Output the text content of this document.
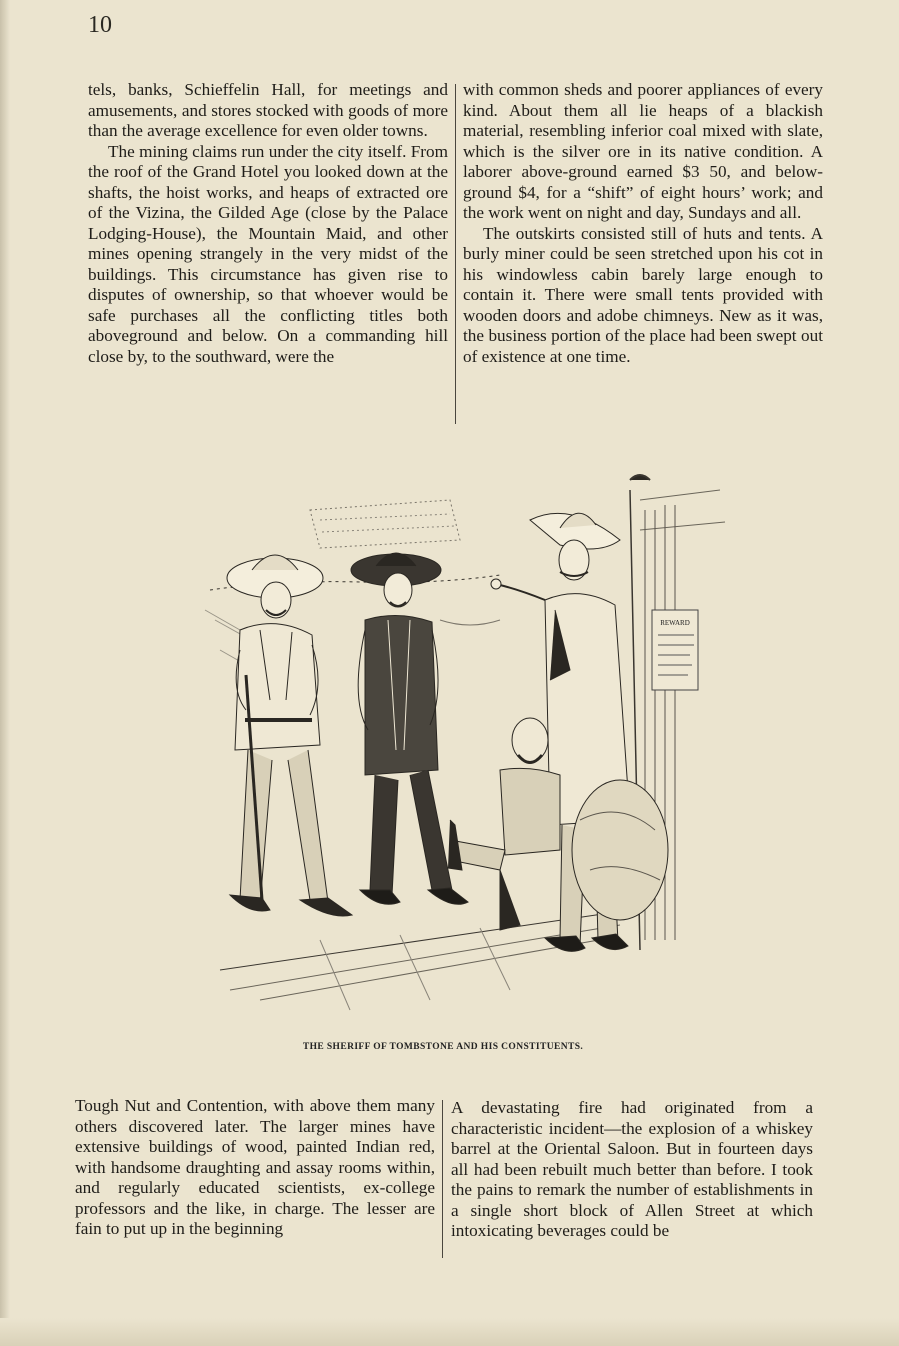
10

tels, banks, Schieffelin Hall, for meetings and amusements, and stores stocked with goods of more than the average excellence for even older towns.

The mining claims run under the city itself. From the roof of the Grand Hotel you looked down at the shafts, the hoist works, and heaps of extracted ore of the Vizina, the Gilded Age (close by the Palace Lodging-House), the Mountain Maid, and other mines opening strangely in the very midst of the buildings. This circumstance has given rise to disputes of ownership, so that whoever would be safe purchases all the conflicting titles both aboveground and below. On a commanding hill close by, to the southward, were the

with common sheds and poorer appliances of every kind. About them all lie heaps of a blackish material, resembling inferior coal mixed with slate, which is the silver ore in its native condition. A laborer above-ground earned $3 50, and below-ground $4, for a “shift” of eight hours’ work; and the work went on night and day, Sundays and all.

The outskirts consisted still of huts and tents. A burly miner could be seen stretched upon his cot in his windowless cabin barely large enough to contain it. There were small tents provided with wooden doors and adobe chimneys. New as it was, the business portion of the place had been swept out of existence at one time.

REWARD
THE SHERIFF OF TOMBSTONE AND HIS CONSTITUENTS.

Tough Nut and Contention, with above them many others discovered later. The larger mines have extensive buildings of wood, painted Indian red, with handsome draughting and assay rooms within, and regularly educated scientists, ex-college professors and the like, in charge. The lesser are fain to put up in the beginning

A devastating fire had originated from a characteristic incident—the explosion of a whiskey barrel at the Oriental Saloon. But in fourteen days all had been rebuilt much better than before. I took the pains to remark the number of establishments in a single short block of Allen Street at which intoxicating beverages could be
